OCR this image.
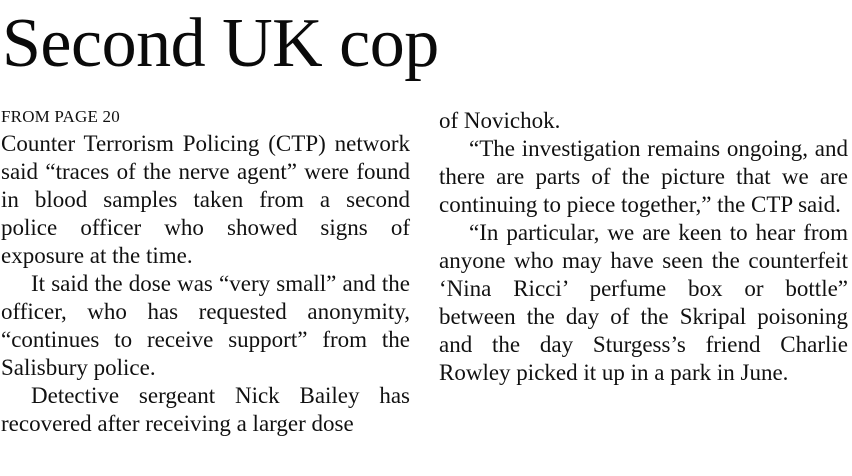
Second UK cop
FROM PAGE 20

Counter Terrorism Policing (CTP) network said “traces of the nerve agent” were found in blood samples taken from a second police officer who showed signs of exposure at the time.

It said the dose was “very small” and the officer, who has requested anonymity, “continues to receive support” from the Salisbury police.

Detective sergeant Nick Bailey has recovered after receiving a larger dose

of Novichok.

“The investigation remains ongoing, and there are parts of the picture that we are continuing to piece together,” the CTP said.

“In particular, we are keen to hear from anyone who may have seen the counterfeit ‘Nina Ricci’ perfume box or bottle” between the day of the Skripal poisoning and the day Sturgess’s friend Charlie Rowley picked it up in a park in June.
